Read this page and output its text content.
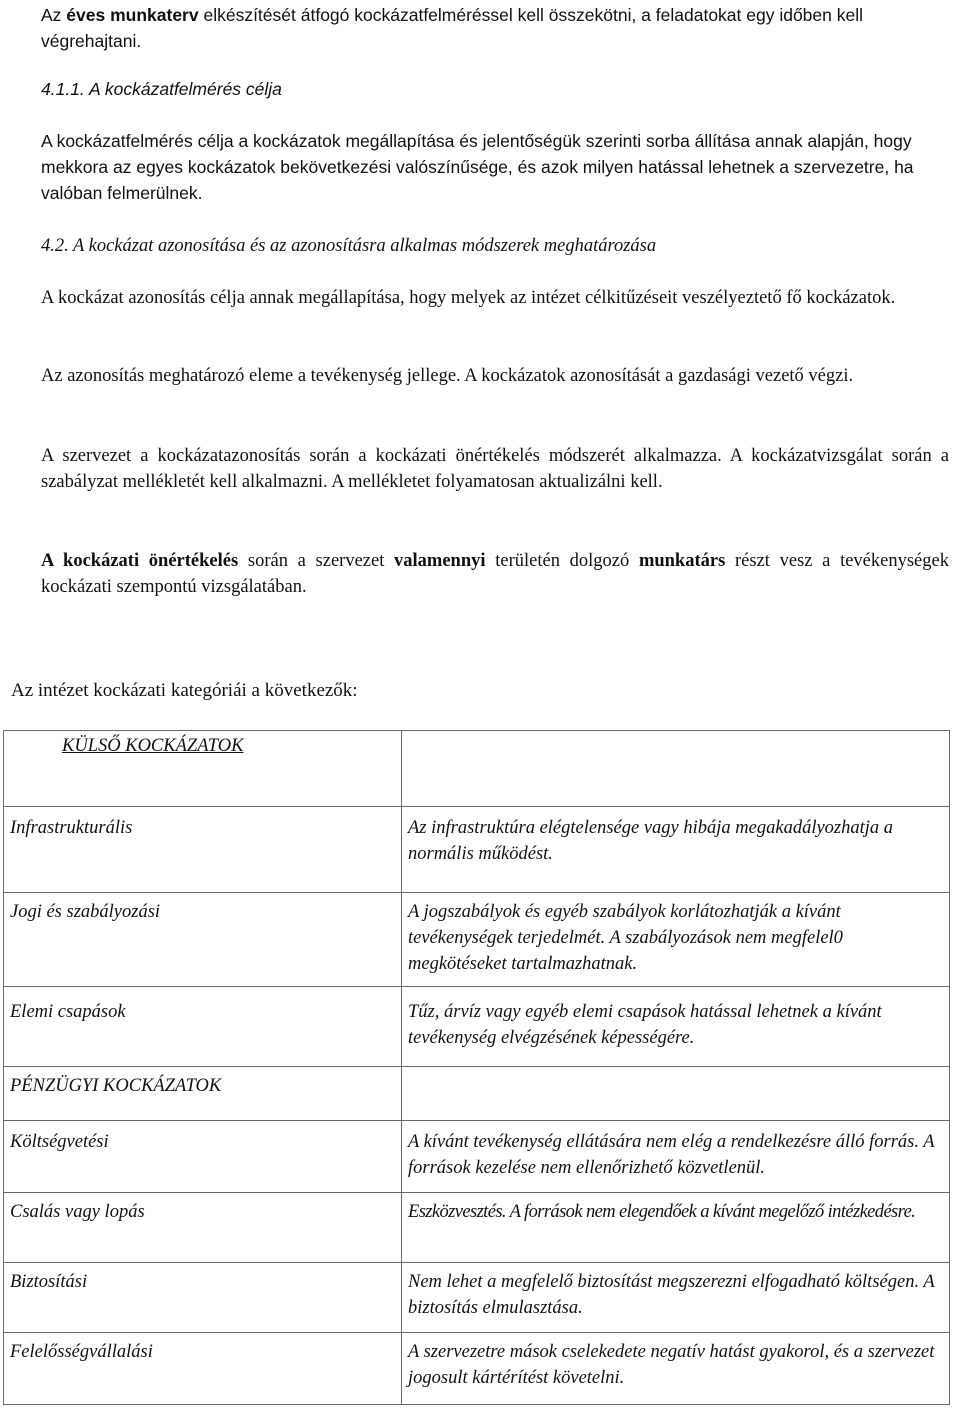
Az éves munkaterv elkészítését átfogó kockázatfelméréssel kell összekötni, a feladatokat egy időben kell végrehajtani.

4.1.1. A kockázatfelmérés célja

A kockázatfelmérés célja a kockázatok megállapítása és jelentőségük szerinti sorba állítása annak alapján, hogy mekkora az egyes kockázatok bekövetkezési valószínűsége, és azok milyen hatással lehetnek a szervezetre, ha valóban felmerülnek.

4.2. A kockázat azonosítása és az azonosításra alkalmas módszerek meghatározása

A kockázat azonosítás célja annak megállapítása, hogy melyek az intézet célkitűzéseit veszélyeztető fő kockázatok.

Az azonosítás meghatározó eleme a tevékenység jellege. A kockázatok azonosítását a gazdasági vezető végzi.

A szervezet a kockázatazonosítás során a kockázati önértékelés módszerét alkalmazza. A kockázatvizsgálat során a szabályzat mellékletét kell alkalmazni. A mellékletet folyamatosan aktualizálni kell.

A kockázati önértékelés során a szervezet valamennyi területén dolgozó munkatárs részt vesz a tevékenységek kockázati szempontú vizsgálatában.

Az intézet kockázati kategóriái a következők:
KÜLSŐ KOCKÁZATOK	
Infrastrukturális	Az infrastruktúra elégtelensége vagy hibája megakadályozhatja a normális működést.
Jogi és szabályozási	A jogszabályok és egyéb szabályok korlátozhatják a kívánt tevékenységek terjedelmét. A szabályozások nem megfelel0 megkötéseket tartalmazhatnak.
Elemi csapások	Tűz, árvíz vagy egyéb elemi csapások hatással lehetnek a kívánt tevékenység elvégzésének képességére.
PÉNZÜGYI KOCKÁZATOK	
Költségvetési	A kívánt tevékenység ellátására nem elég a rendelkezésre álló forrás. A források kezelése nem ellenőrizhető közvetlenül.
Csalás vagy lopás	Eszközvesztés. A források nem elegendőek a kívánt megelőző intézkedésre.
Biztosítási	Nem lehet a megfelelő biztosítást megszerezni elfogadható költségen. A biztosítás elmulasztása.
Felelősségvállalási	A szervezetre mások cselekedete negatív hatást gyakorol, és a szervezet jogosult kártérítést követelni.
